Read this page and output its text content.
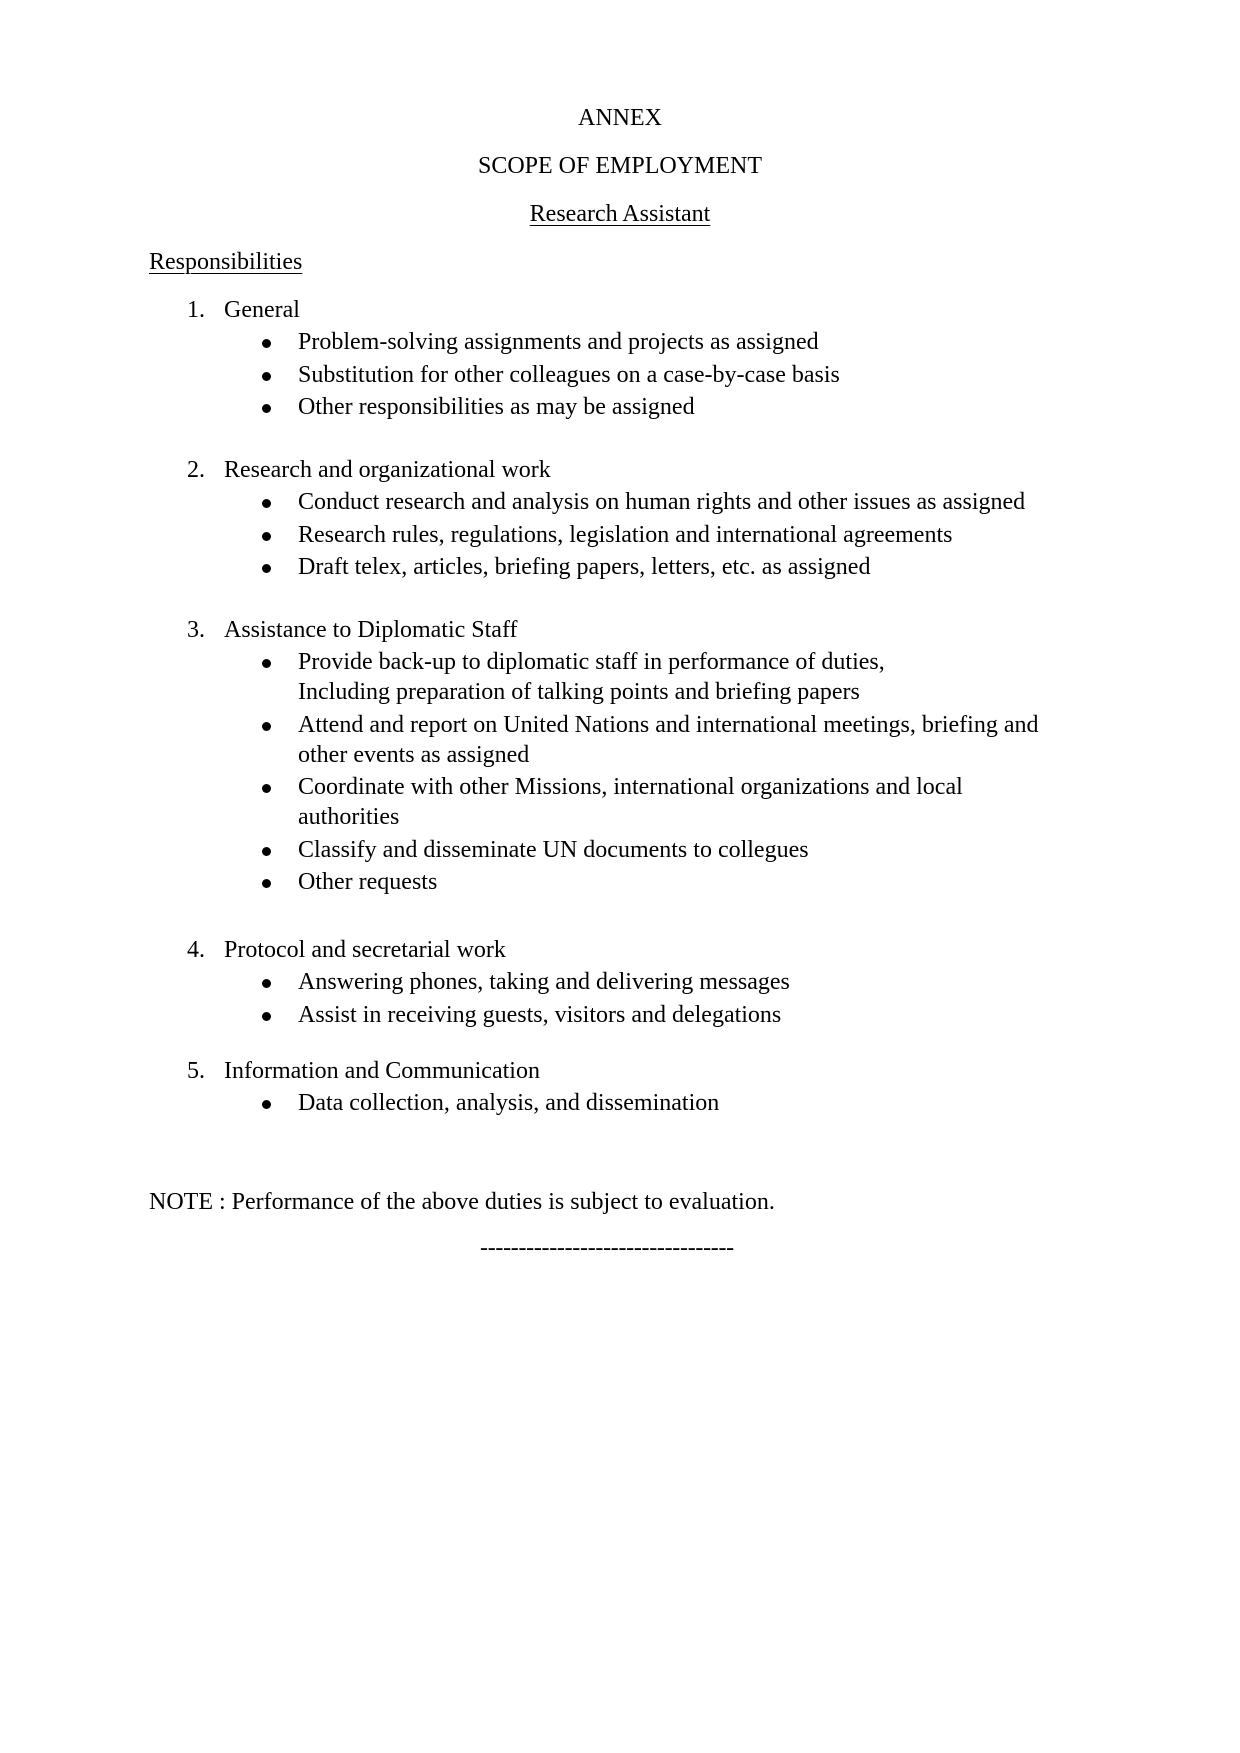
ANNEX
SCOPE OF EMPLOYMENT
Research Assistant
Responsibilities
1. General
Problem-solving assignments and projects as assigned
Substitution for other colleagues on a case-by-case basis
Other responsibilities as may be assigned
2. Research and organizational work
Conduct research and analysis on human rights and other issues as assigned
Research rules, regulations, legislation and international agreements
Draft telex, articles, briefing papers, letters, etc. as assigned
3. Assistance to Diplomatic Staff
Provide back-up to diplomatic staff in performance of duties,
Including preparation of talking points and briefing papers
Attend and report on United Nations and international meetings, briefing and
other events as assigned
Coordinate with other Missions, international organizations and local
authorities
Classify and disseminate UN documents to collegues
Other requests
4. Protocol and secretarial work
Answering phones, taking and delivering messages
Assist in receiving guests, visitors and delegations
5. Information and Communication
Data collection, analysis, and dissemination
NOTE : Performance of the above duties is subject to evaluation.
---------------------------------
